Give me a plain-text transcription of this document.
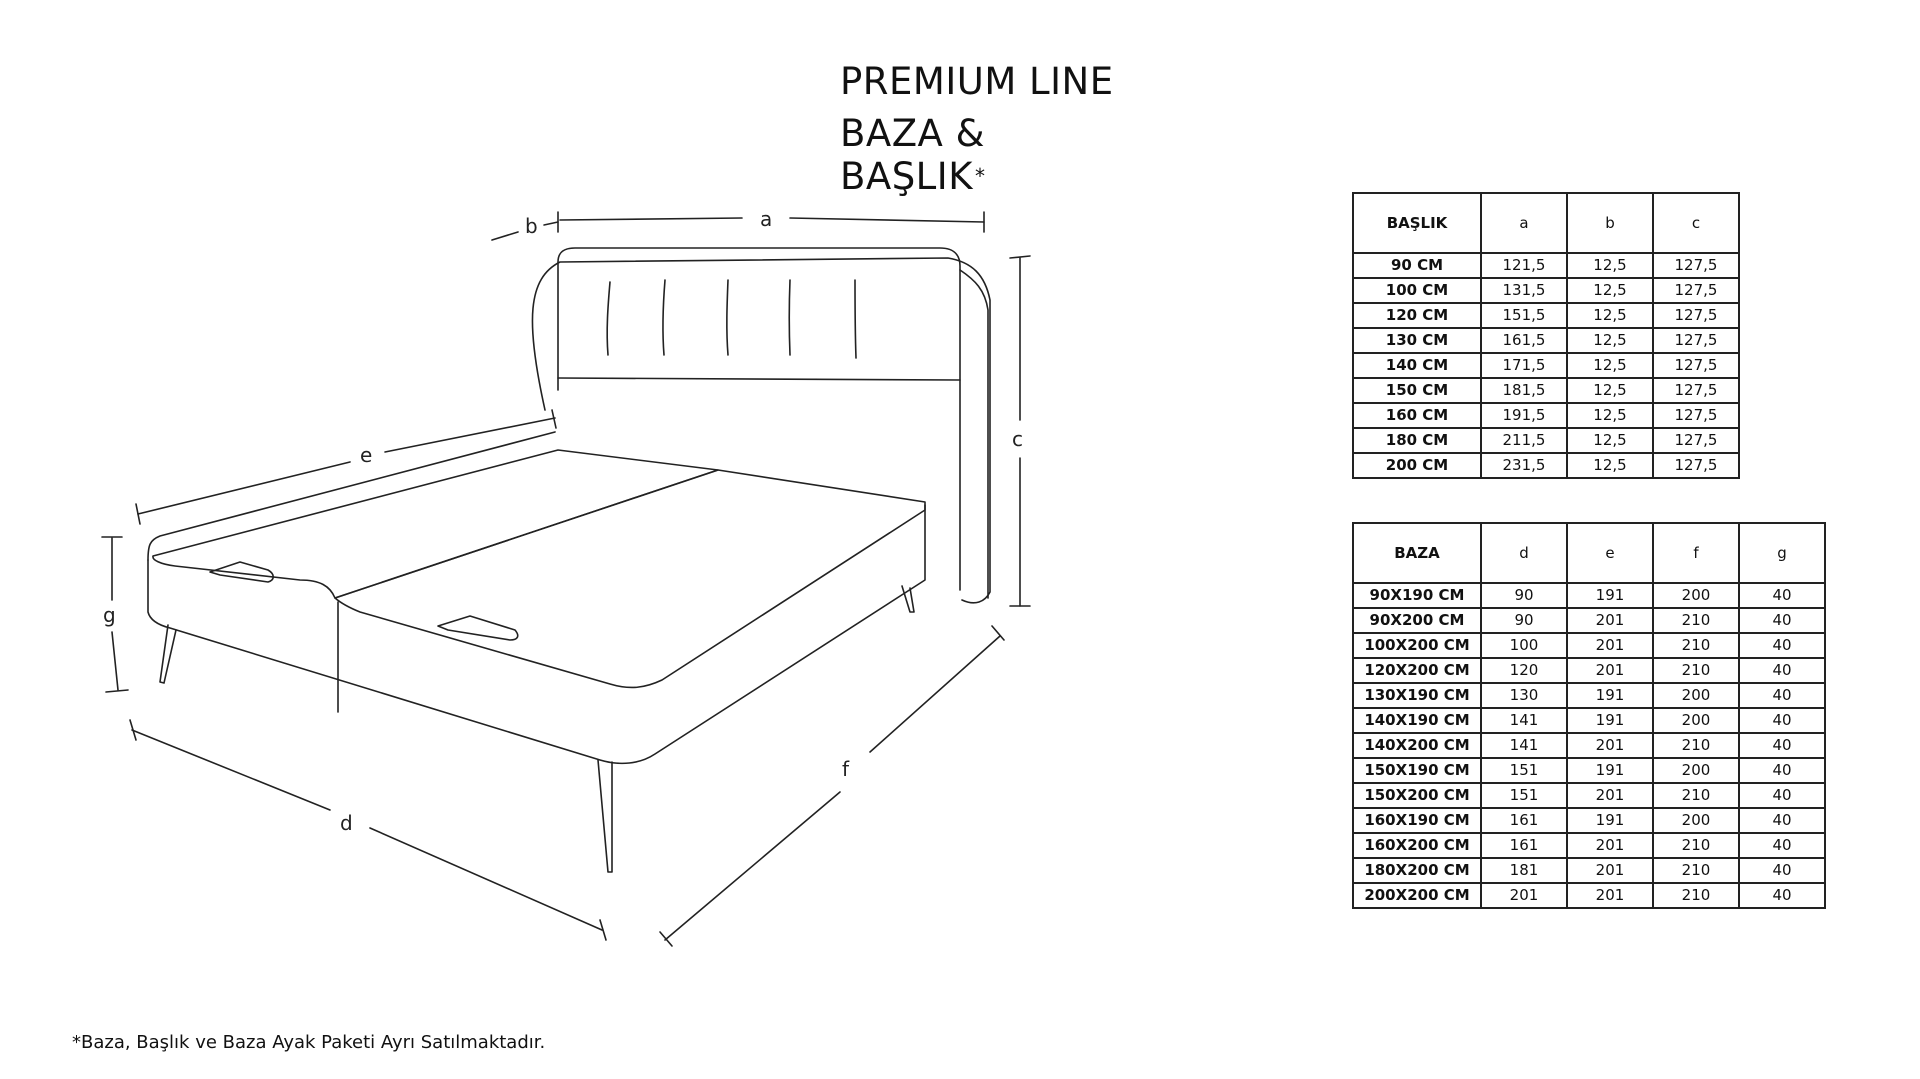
PREMIUM LINE
BAZA & BAŞLIK *
b	a
c
e
g
d
f
BAŞLIK	a	b	c
90 CM	121,5	12,5	127,5
100 CM	131,5	12,5	127,5
120 CM	151,5	12,5	127,5
130 CM	161,5	12,5	127,5
140 CM	171,5	12,5	127,5
150 CM	181,5	12,5	127,5
160 CM	191,5	12,5	127,5
180 CM	211,5	12,5	127,5
200 CM	231,5	12,5	127,5
BAZA	d	e	f	g
90X190 CM	90	191	200	40
90X200 CM	90	201	210	40
100X200 CM	100	201	210	40
120X200 CM	120	201	210	40
130X190 CM	130	191	200	40
140X190 CM	141	191	200	40
140X200 CM	141	201	210	40
150X190 CM	151	191	200	40
150X200 CM	151	201	210	40
160X190 CM	161	191	200	40
160X200 CM	161	201	210	40
180X200 CM	181	201	210	40
200X200 CM	201	201	210	40
*Baza, Başlık ve Baza Ayak Paketi Ayrı Satılmaktadır.
